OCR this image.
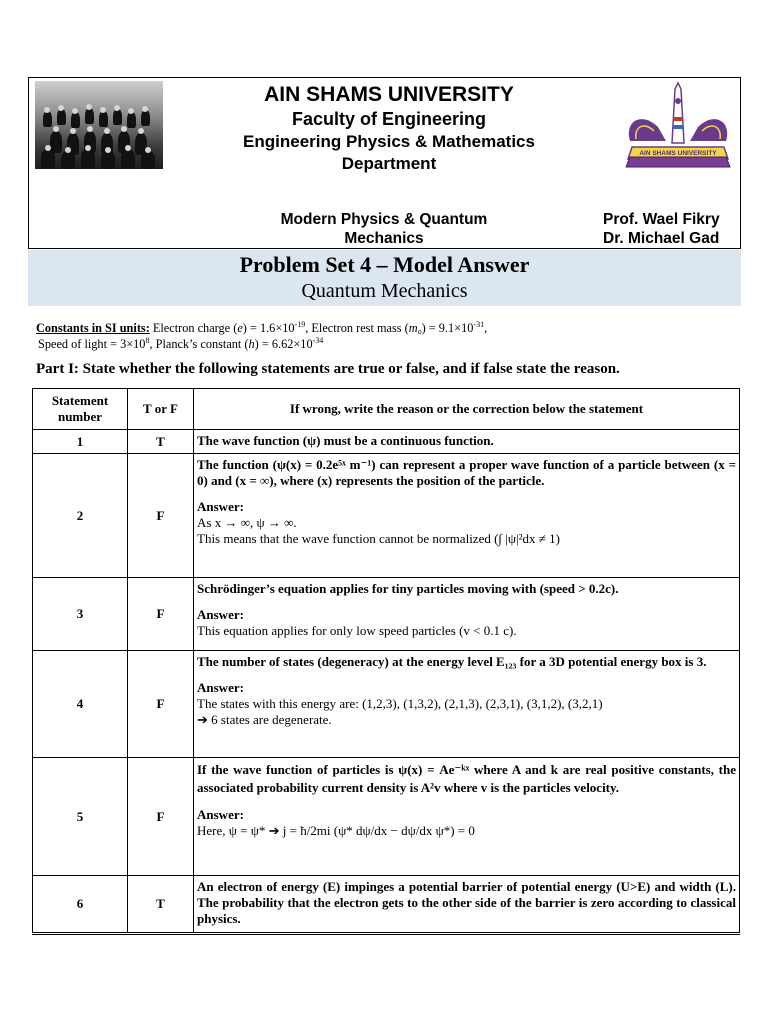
AIN SHAMS UNIVERSITY
Faculty of Engineering
Engineering Physics & Mathematics
Department
Modern Physics & Quantum
Mechanics
Prof. Wael Fikry
Dr. Michael Gad
AIN SHAMS UNIVERSITY
Problem Set 4 – Model Answer
Quantum Mechanics
Constants in SI units: Electron charge $(e) = 1.6\times 10^{-19}$, Electron rest mass $(m_o) = 9.1\times 10^{-31}$,
Speed of light = $3\times 10^8$, Planck’s constant $(h) = 6.62\times 10^{-34}$
Part I: State whether the following statements are true or false, and if false state the reason.
Statement number	T or F	If wrong, write the reason or the correction below the statement
1	T	The wave function (ψ) must be a continuous function.

2	F	The function (ψ(x) = 0.2e⁵ˣ m⁻¹) can represent a proper wave function of a particle between (x = 0) and (x = ∞), where (x) represents the position of the particle.
Answer:
As x → ∞, ψ → ∞.
This means that the wave function cannot be normalized (∫ |ψ|²dx ≠ 1)

3	F	Schrödinger’s equation applies for tiny particles moving with (speed > 0.2c).
Answer:
This equation applies for only low speed particles (v < 0.1 c).

4	F	The number of states (degeneracy) at the energy level E₁₂₃ for a 3D potential energy box is 3.
Answer:
The states with this energy are: (1,2,3), (1,3,2), (2,1,3), (2,3,1), (3,1,2), (3,2,1)
➔ 6 states are degenerate.

5	F	If the wave function of particles is ψ(x) = Ae⁻ᵏˣ where A and k are real positive constants, the associated probability current density is A²v where v is the particles velocity.
Answer:
Here, ψ = ψ* ➔ j = ħ/2mi (ψ* dψ/dx − dψ/dx ψ*) = 0

6	T	An electron of energy (E) impinges a potential barrier of potential energy (U>E) and width (L). The probability that the electron gets to the other side of the barrier is zero according to classical physics.
